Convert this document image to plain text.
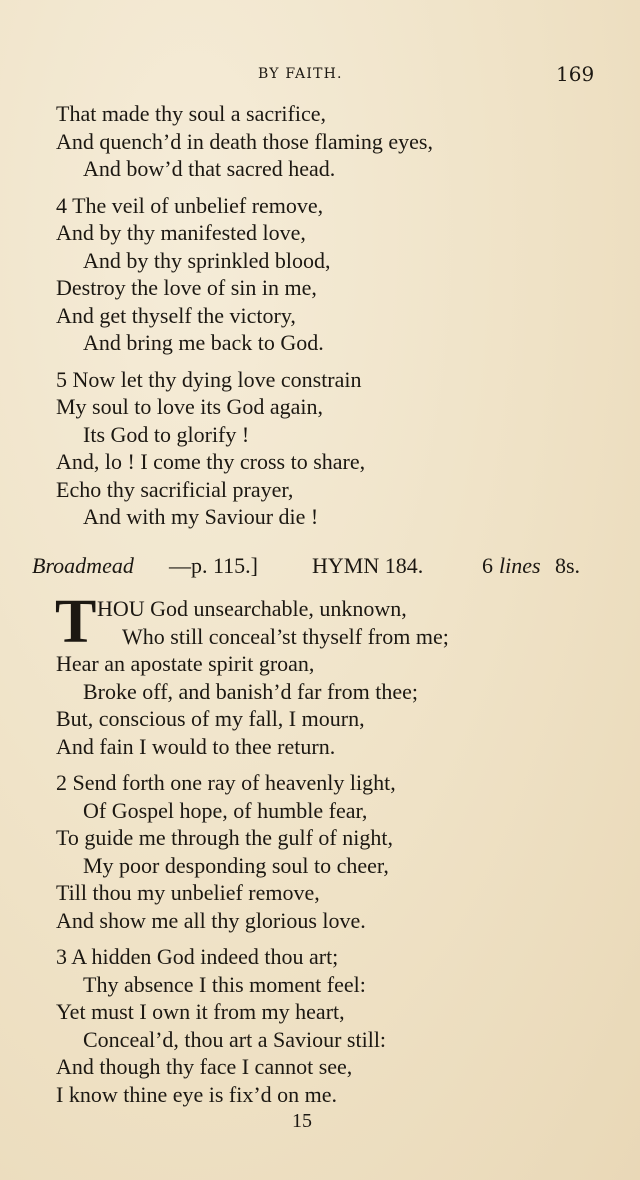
BY FAITH.	169
That made thy soul a sacrifice,
And quench’d in death those flaming eyes,
And bow’d that sacred head.
4 The veil of unbelief remove,
And by thy manifested love,
And by thy sprinkled blood,
Destroy the love of sin in me,
And get thyself the victory,
And bring me back to God.
5 Now let thy dying love constrain
My soul to love its God again,
Its God to glorify !
And, lo ! I come thy cross to share,
Echo thy sacrificial prayer,
And with my Saviour die !
Broadmead —p. 115.] HYMN 184.	6 lines 8s.
T HOU God unsearchable, unknown,
Who still conceal’st thyself from me;
Hear an apostate spirit groan,
Broke off, and banish’d far from thee;
But, conscious of my fall, I mourn,
And fain I would to thee return.
2 Send forth one ray of heavenly light,
Of Gospel hope, of humble fear,
To guide me through the gulf of night,
My poor desponding soul to cheer,
Till thou my unbelief remove,
And show me all thy glorious love.
3 A hidden God indeed thou art;
Thy absence I this moment feel:
Yet must I own it from my heart,
Conceal’d, thou art a Saviour still:
And though thy face I cannot see,
I know thine eye is fix’d on me.
15
